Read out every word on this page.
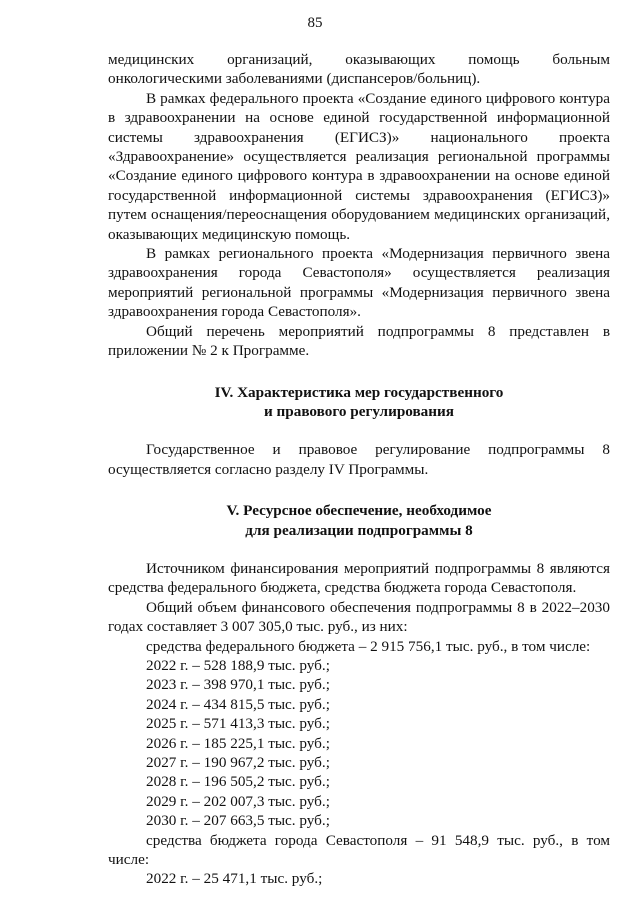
85

медицинских организаций, оказывающих помощь больным онкологическими заболеваниями (диспансеров/больниц).

В рамках федерального проекта «Создание единого цифрового контура в здравоохранении на основе единой государственной информационной системы здравоохранения (ЕГИСЗ)» национального проекта «Здравоохранение» осуществляется реализация региональной программы «Создание единого цифрового контура в здравоохранении на основе единой государственной информационной системы здравоохранения (ЕГИСЗ)» путем оснащения/переоснащения оборудованием медицинских организаций, оказывающих медицинскую помощь.

В рамках регионального проекта «Модернизация первичного звена здравоохранения города Севастополя» осуществляется реализация мероприятий региональной программы «Модернизация первичного звена здравоохранения города Севастополя».

Общий перечень мероприятий подпрограммы 8 представлен в приложении № 2 к Программе.

IV. Характеристика мер государственного

и правового регулирования

Государственное и правовое регулирование подпрограммы 8 осуществляется согласно разделу IV Программы.

V. Ресурсное обеспечение, необходимое

для реализации подпрограммы 8

Источником финансирования мероприятий подпрограммы 8 являются средства федерального бюджета, средства бюджета города Севастополя.

Общий объем финансового обеспечения подпрограммы 8 в 2022–2030 годах составляет 3 007 305,0 тыс. руб., из них:

средства федерального бюджета – 2 915 756,1 тыс. руб., в том числе:

2022 г. – 528 188,9 тыс. руб.;

2023 г. – 398 970,1 тыс. руб.;

2024 г. – 434 815,5 тыс. руб.;

2025 г. – 571 413,3 тыс. руб.;

2026 г. – 185 225,1 тыс. руб.;

2027 г. – 190 967,2 тыс. руб.;

2028 г. – 196 505,2 тыс. руб.;

2029 г. – 202 007,3 тыс. руб.;

2030 г. – 207 663,5 тыс. руб.;

средства бюджета города Севастополя – 91 548,9 тыс. руб., в том числе:

2022 г. – 25 471,1 тыс. руб.;
